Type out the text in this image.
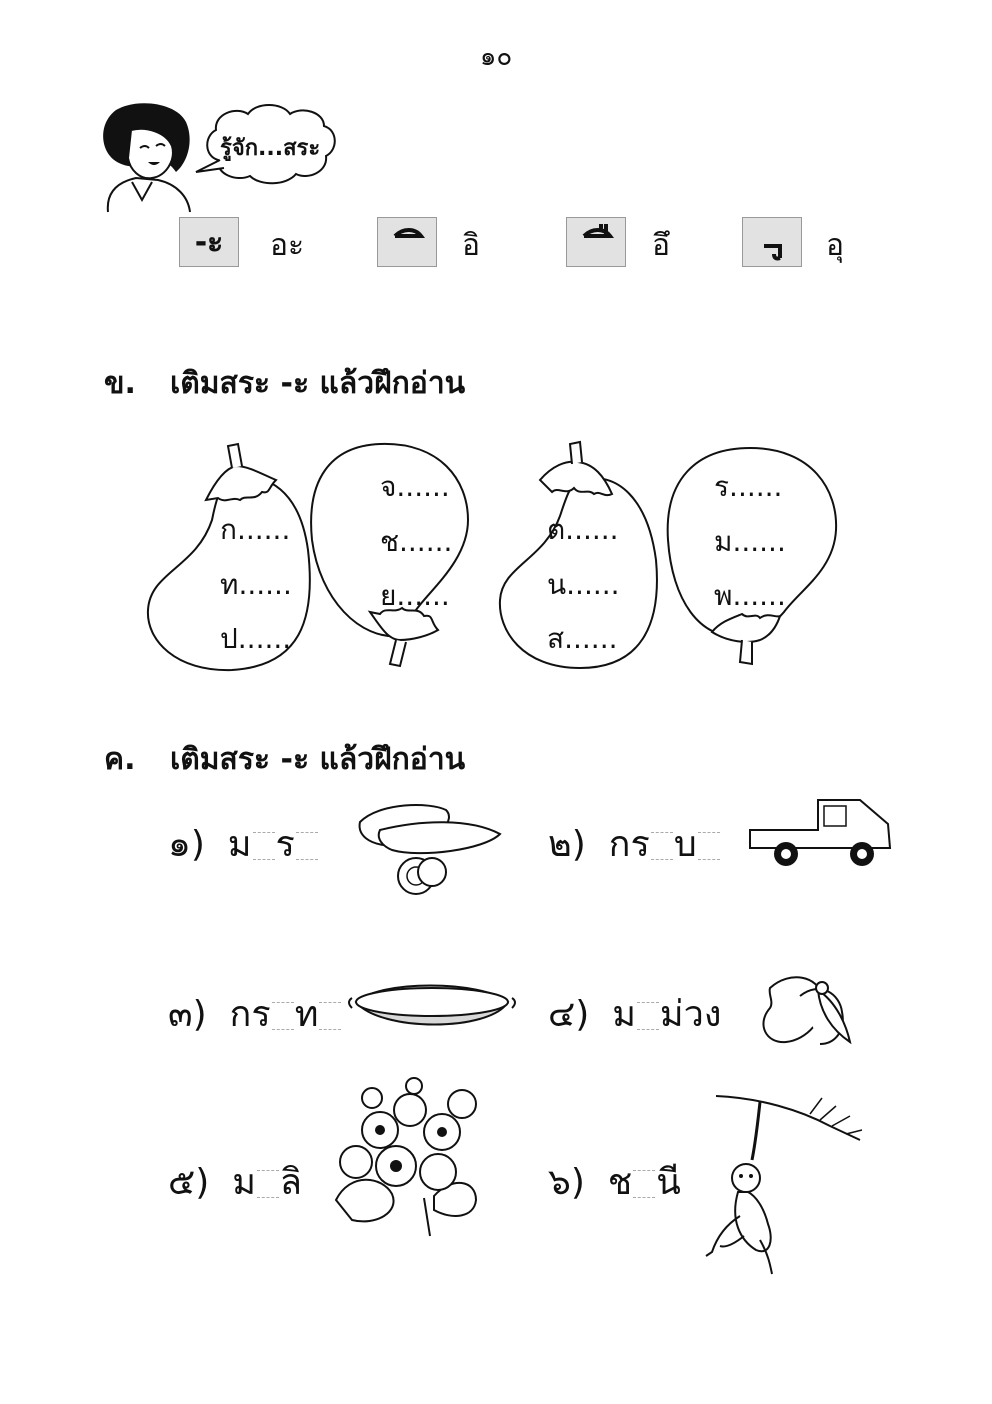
๑๐
รู้จัก...สระ
-ะ	อะ	อิ	อึ	อุ
ข. เติมสระ -ะ แล้วฝึกอ่าน
ก......
ท......
ป......
จ......
ช......
ย......
ต......
น......
ส......
ร......
ม......
พ......
ค. เติมสระ -ะ แล้วฝึกอ่าน
๑) ม ร	๒) กร บ
๓) กร ท	๔) ม ม่วง
๕) ม ลิ	๖) ช นี
